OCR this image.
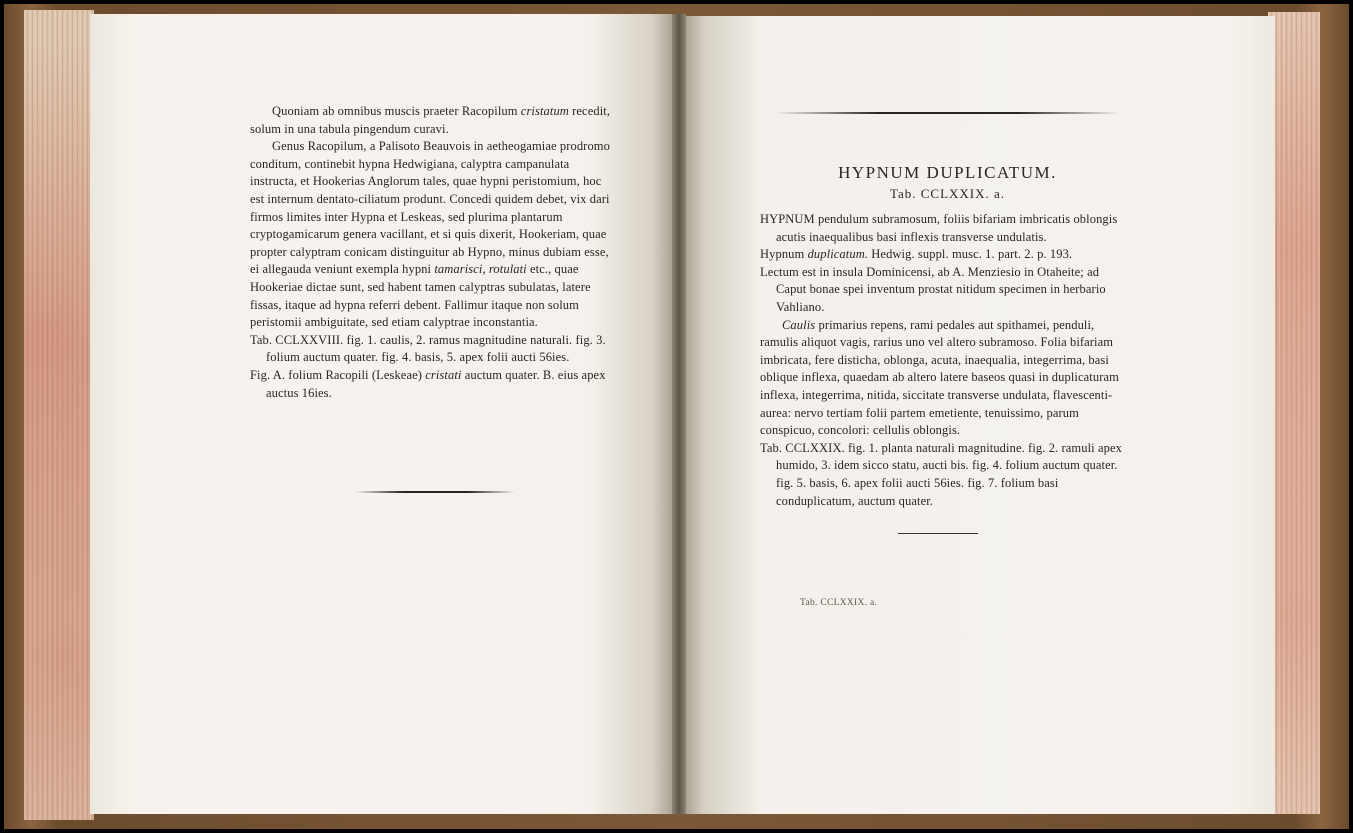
Quoniam ab omnibus muscis praeter Racopilum cristatum recedit, solum in una tabula pingendum curavi.

Genus Racopilum, a Palisoto Beauvois in aetheogamiae prodromo conditum, continebit hypna Hedwigiana, calyptra campanulata instructa, et Hookerias Anglorum tales, quae hypni peristomium, hoc est internum dentato-ciliatum produnt. Concedi quidem debet, vix dari firmos limites inter Hypna et Leskeas, sed plurima plantarum cryptogamicarum genera vacillant, et si quis dixerit, Hookeriam, quae propter calyptram conicam distinguitur ab Hypno, minus dubiam esse, ei allegauda veniunt exempla hypni tamarisci, rotulati etc., quae Hookeriae dictae sunt, sed habent tamen calyptras subulatas, latere fissas, itaque ad hypna referri debent. Fallimur itaque non solum peristomii ambiguitate, sed etiam calyptrae inconstantia.

Tab. CCLXXVIII. fig. 1. caulis, 2. ramus magnitudine naturali. fig. 3. folium auctum quater. fig. 4. basis, 5. apex folii aucti 56ies.

Fig. A. folium Racopili (Leskeae) cristati auctum quater. B. eius apex auctus 16ies.

HYPNUM DUPLICATUM.
Tab. CCLXXIX. a.

HYPNUM pendulum subramosum, foliis bifariam imbricatis oblongis acutis inaequalibus basi inflexis transverse undulatis.

Hypnum duplicatum. Hedwig. suppl. musc. 1. part. 2. p. 193.

Lectum est in insula Dominicensi, ab A. Menziesio in Otaheite; ad Caput bonae spei inventum prostat nitidum specimen in herbario Vahliano.

Caulis primarius repens, rami pedales aut spithamei, penduli, ramulis aliquot vagis, rarius uno vel altero subramoso. Folia bifariam imbricata, fere disticha, oblonga, acuta, inaequalia, integerrima, basi oblique inflexa, quaedam ab altero latere baseos quasi in duplicaturam inflexa, integerrima, nitida, siccitate transverse undulata, flavescenti-aurea: nervo tertiam folii partem emetiente, tenuissimo, parum conspicuo, concolori: cellulis oblongis.

Tab. CCLXXIX. fig. 1. planta naturali magnitudine. fig. 2. ramuli apex humido, 3. idem sicco statu, aucti bis. fig. 4. folium auctum quater. fig. 5. basis, 6. apex folii aucti 56ies. fig. 7. folium basi conduplicatum, auctum quater.

Tab. CCLXXIX. a.
